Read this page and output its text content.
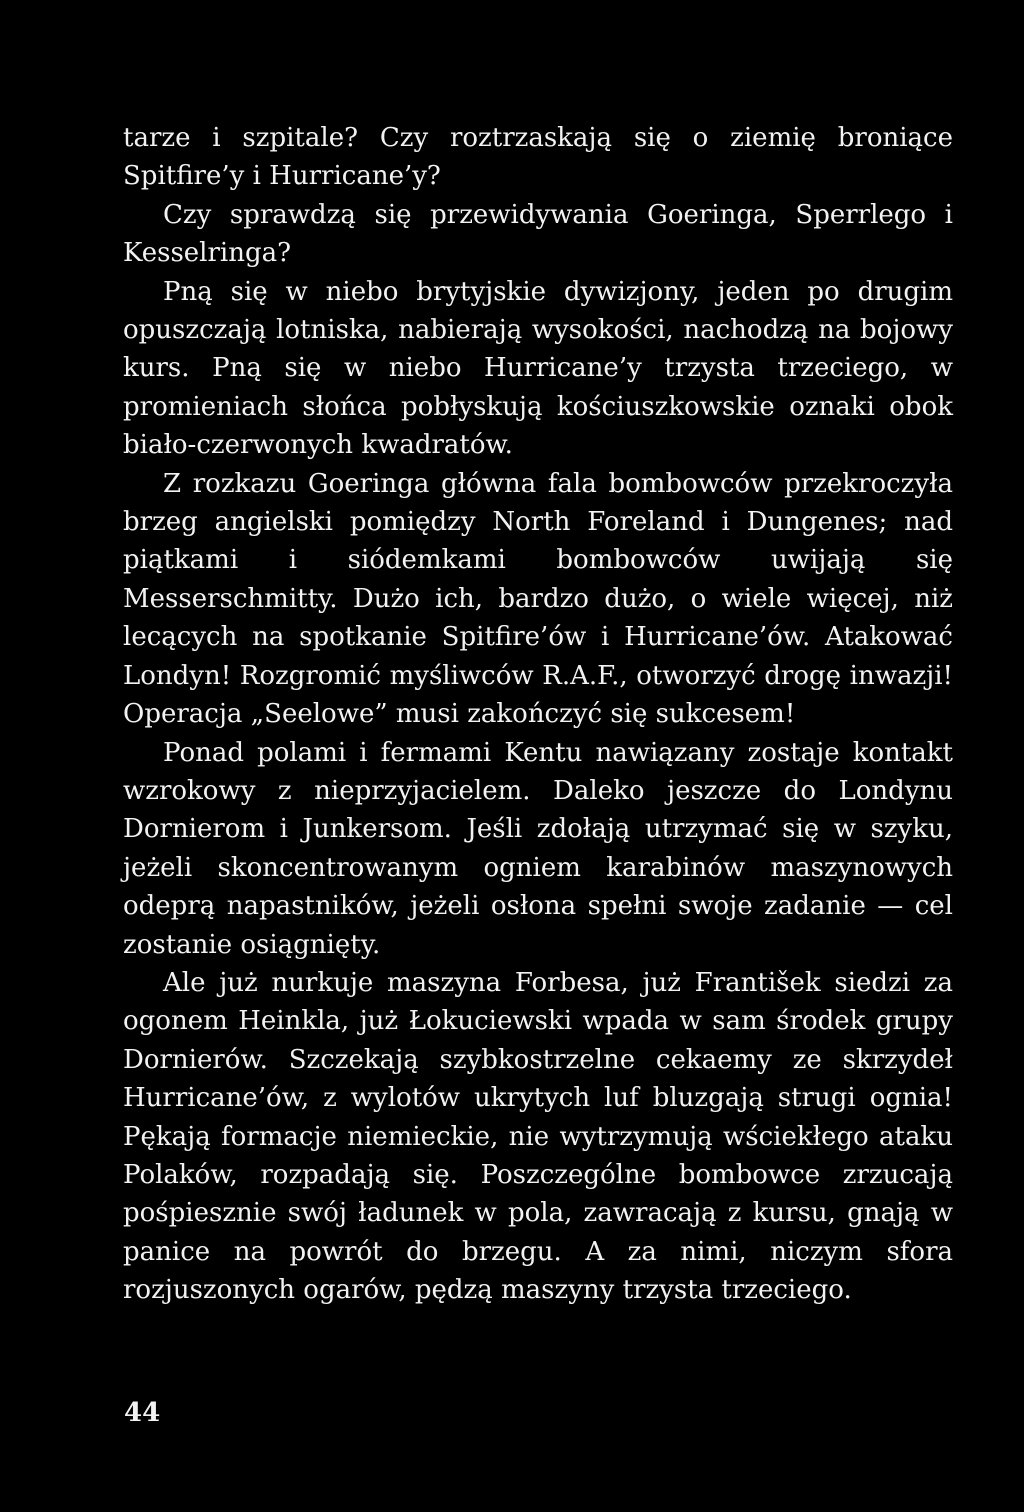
tarze i szpitale? Czy roztrzaskają się o ziemię broniące Spitfire’y i Hurricane’y?

Czy sprawdzą się przewidywania Goeringa, Sperrlego i Kesselringa?

Pną się w niebo brytyjskie dywizjony, jeden po drugim opuszczają lotniska, nabierają wysokości, nachodzą na bojowy kurs. Pną się w niebo Hurricane’y trzysta trzeciego, w promieniach słońca pobłyskują kościuszkowskie oznaki obok biało-czerwonych kwadratów.

Z rozkazu Goeringa główna fala bombowców przekroczyła brzeg angielski pomiędzy North Foreland i Dungenes; nad piątkami i siódemkami bombowców uwijają się Messerschmitty. Dużo ich, bardzo dużo, o wiele więcej, niż lecących na spotkanie Spitfire’ów i Hurricane’ów. Atakować Londyn! Rozgromić myśliwców R.A.F., otworzyć drogę inwazji! Operacja „Seelowe” musi zakończyć się sukcesem!

Ponad polami i fermami Kentu nawiązany zostaje kontakt wzrokowy z nieprzyjacielem. Daleko jeszcze do Londynu Dornierom i Junkersom. Jeśli zdołają utrzymać się w szyku, jeżeli skoncentrowanym ogniem karabinów maszynowych odeprą napastników, jeżeli osłona spełni swoje zadanie — cel zostanie osiągnięty.

Ale już nurkuje maszyna Forbesa, już František siedzi za ogonem Heinkla, już Łokuciewski wpada w sam środek grupy Dornierów. Szczekają szybkostrzelne cekaemy ze skrzydeł Hurricane’ów, z wylotów ukrytych luf bluzgają strugi ognia! Pękają formacje niemieckie, nie wytrzymują wściekłego ataku Polaków, rozpadają się. Poszczególne bombowce zrzucają pośpiesznie swój ładunek w pola, zawracają z kursu, gnają w panice na powrót do brzegu. A za nimi, niczym sfora rozjuszonych ogarów, pędzą maszyny trzysta trzeciego.

44
